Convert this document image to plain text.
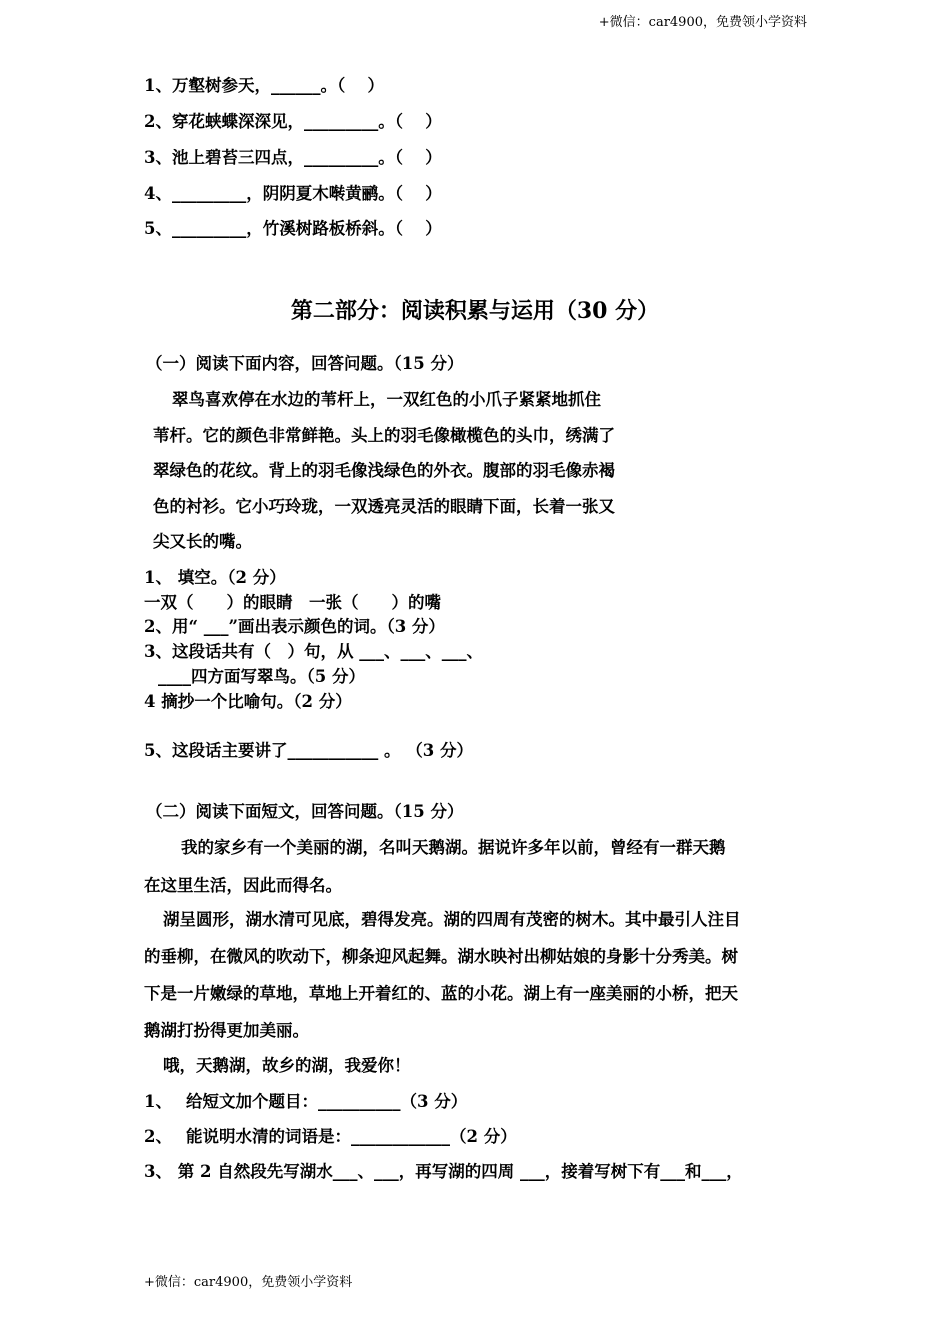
+微信：car4900，免费领小学资料
1、万壑树参天，______。（　 ）
2、穿花蛱蝶深深见，_________。（　 ）
3、池上碧苔三四点，_________。（　 ）
4、_________，阴阴夏木啭黄鹂。（　 ）
5、_________，竹溪树路板桥斜。（　 ）
第二部分：阅读积累与运用（30 分）
（一）阅读下面内容，回答问题。（15 分）
翠鸟喜欢停在水边的苇杆上，一双红色的小爪子紧紧地抓住
苇杆。它的颜色非常鲜艳。头上的羽毛像橄榄色的头巾，绣满了
翠绿色的花纹。背上的羽毛像浅绿色的外衣。腹部的羽毛像赤褐
色的衬衫。它小巧玲珑，一双透亮灵活的眼睛下面，长着一张又
尖又长的嘴。
1、 填空。（2 分）
一双（　　）的眼睛　一张（　　）的嘴
2、用“ ___”画出表示颜色的词。（3 分）
3、这段话共有（　）句，从 ___、___、___、
____四方面写翠鸟。（5 分）
4 摘抄一个比喻句。（2 分）
5、这段话主要讲了___________ 。 （3 分）
（二）阅读下面短文，回答问题。（15 分）
我的家乡有一个美丽的湖，名叫天鹅湖。据说许多年以前，曾经有一群天鹅
在这里生活，因此而得名。
湖呈圆形，湖水清可见底，碧得发亮。湖的四周有茂密的树木。其中最引人注目
的垂柳，在微风的吹动下，柳条迎风起舞。湖水映衬出柳姑娘的身影十分秀美。树
下是一片嫩绿的草地，草地上开着红的、蓝的小花。湖上有一座美丽的小桥，把天
鹅湖打扮得更加美丽。
哦，天鹅湖，故乡的湖，我爱你！
1、　 给短文加个题目：__________（3 分）
2、　 能说明水清的词语是：____________（2 分）
3、 第 2 自然段先写湖水___、___，再写湖的四周 ___，接着写树下有___和___，
+微信：car4900，免费领小学资料
